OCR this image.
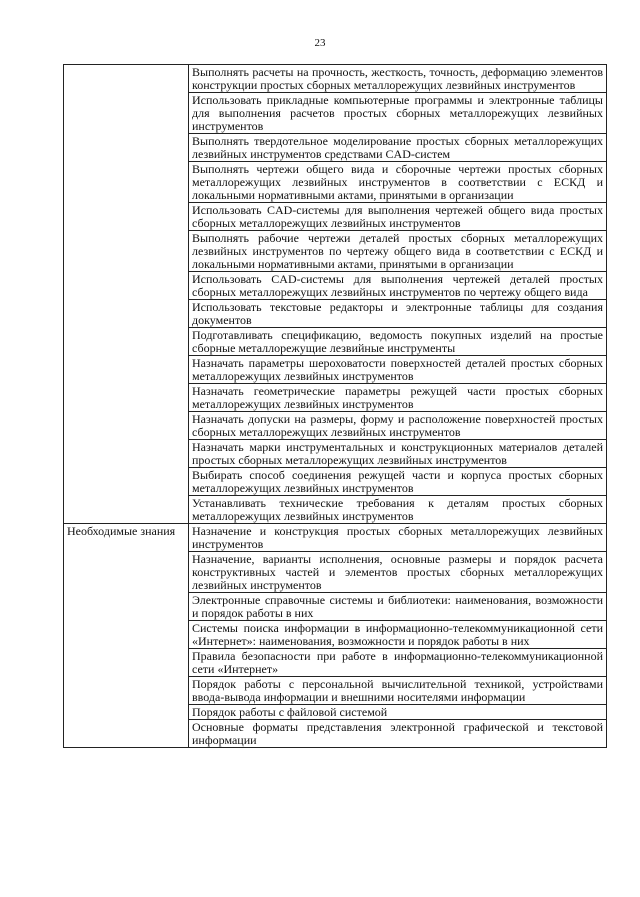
23
	Выполнять расчеты на прочность, жесткость, точность, деформацию элементов конструкции простых сборных металлорежущих лезвийных инструментов
	Использовать прикладные компьютерные программы и электронные таблицы для выполнения расчетов простых сборных металлорежущих лезвийных инструментов
	Выполнять твердотельное моделирование простых сборных металлорежущих лезвийных инструментов средствами CAD-систем
	Выполнять чертежи общего вида и сборочные чертежи простых сборных металлорежущих лезвийных инструментов в соответствии с ЕСКД и локальными нормативными актами, принятыми в организации
	Использовать CAD-системы для выполнения чертежей общего вида простых сборных металлорежущих лезвийных инструментов
	Выполнять рабочие чертежи деталей простых сборных металлорежущих лезвийных инструментов по чертежу общего вида в соответствии с ЕСКД и локальными нормативными актами, принятыми в организации
	Использовать CAD-системы для выполнения чертежей деталей простых сборных металлорежущих лезвийных инструментов по чертежу общего вида
	Использовать текстовые редакторы и электронные таблицы для создания документов
	Подготавливать спецификацию, ведомость покупных изделий на простые сборные металлорежущие лезвийные инструменты
	Назначать параметры шероховатости поверхностей деталей простых сборных металлорежущих лезвийных инструментов
	Назначать геометрические параметры режущей части простых сборных металлорежущих лезвийных инструментов
	Назначать допуски на размеры, форму и расположение поверхностей простых сборных металлорежущих лезвийных инструментов
	Назначать марки инструментальных и конструкционных материалов деталей простых сборных металлорежущих лезвийных инструментов
	Выбирать способ соединения режущей части и корпуса простых сборных металлорежущих лезвийных инструментов
	Устанавливать технические требования к деталям простых сборных металлорежущих лезвийных инструментов
Необходимые знания	Назначение и конструкция простых сборных металлорежущих лезвийных инструментов
	Назначение, варианты исполнения, основные размеры и порядок расчета конструктивных частей и элементов простых сборных металлорежущих лезвийных инструментов
	Электронные справочные системы и библиотеки: наименования, возможности и порядок работы в них
	Системы поиска информации в информационно-телекоммуникационной сети «Интернет»: наименования, возможности и порядок работы в них
	Правила безопасности при работе в информационно-телекоммуникационной сети «Интернет»
	Порядок работы с персональной вычислительной техникой, устройствами ввода-вывода информации и внешними носителями информации
	Порядок работы с файловой системой
	Основные форматы представления электронной графической и текстовой информации
